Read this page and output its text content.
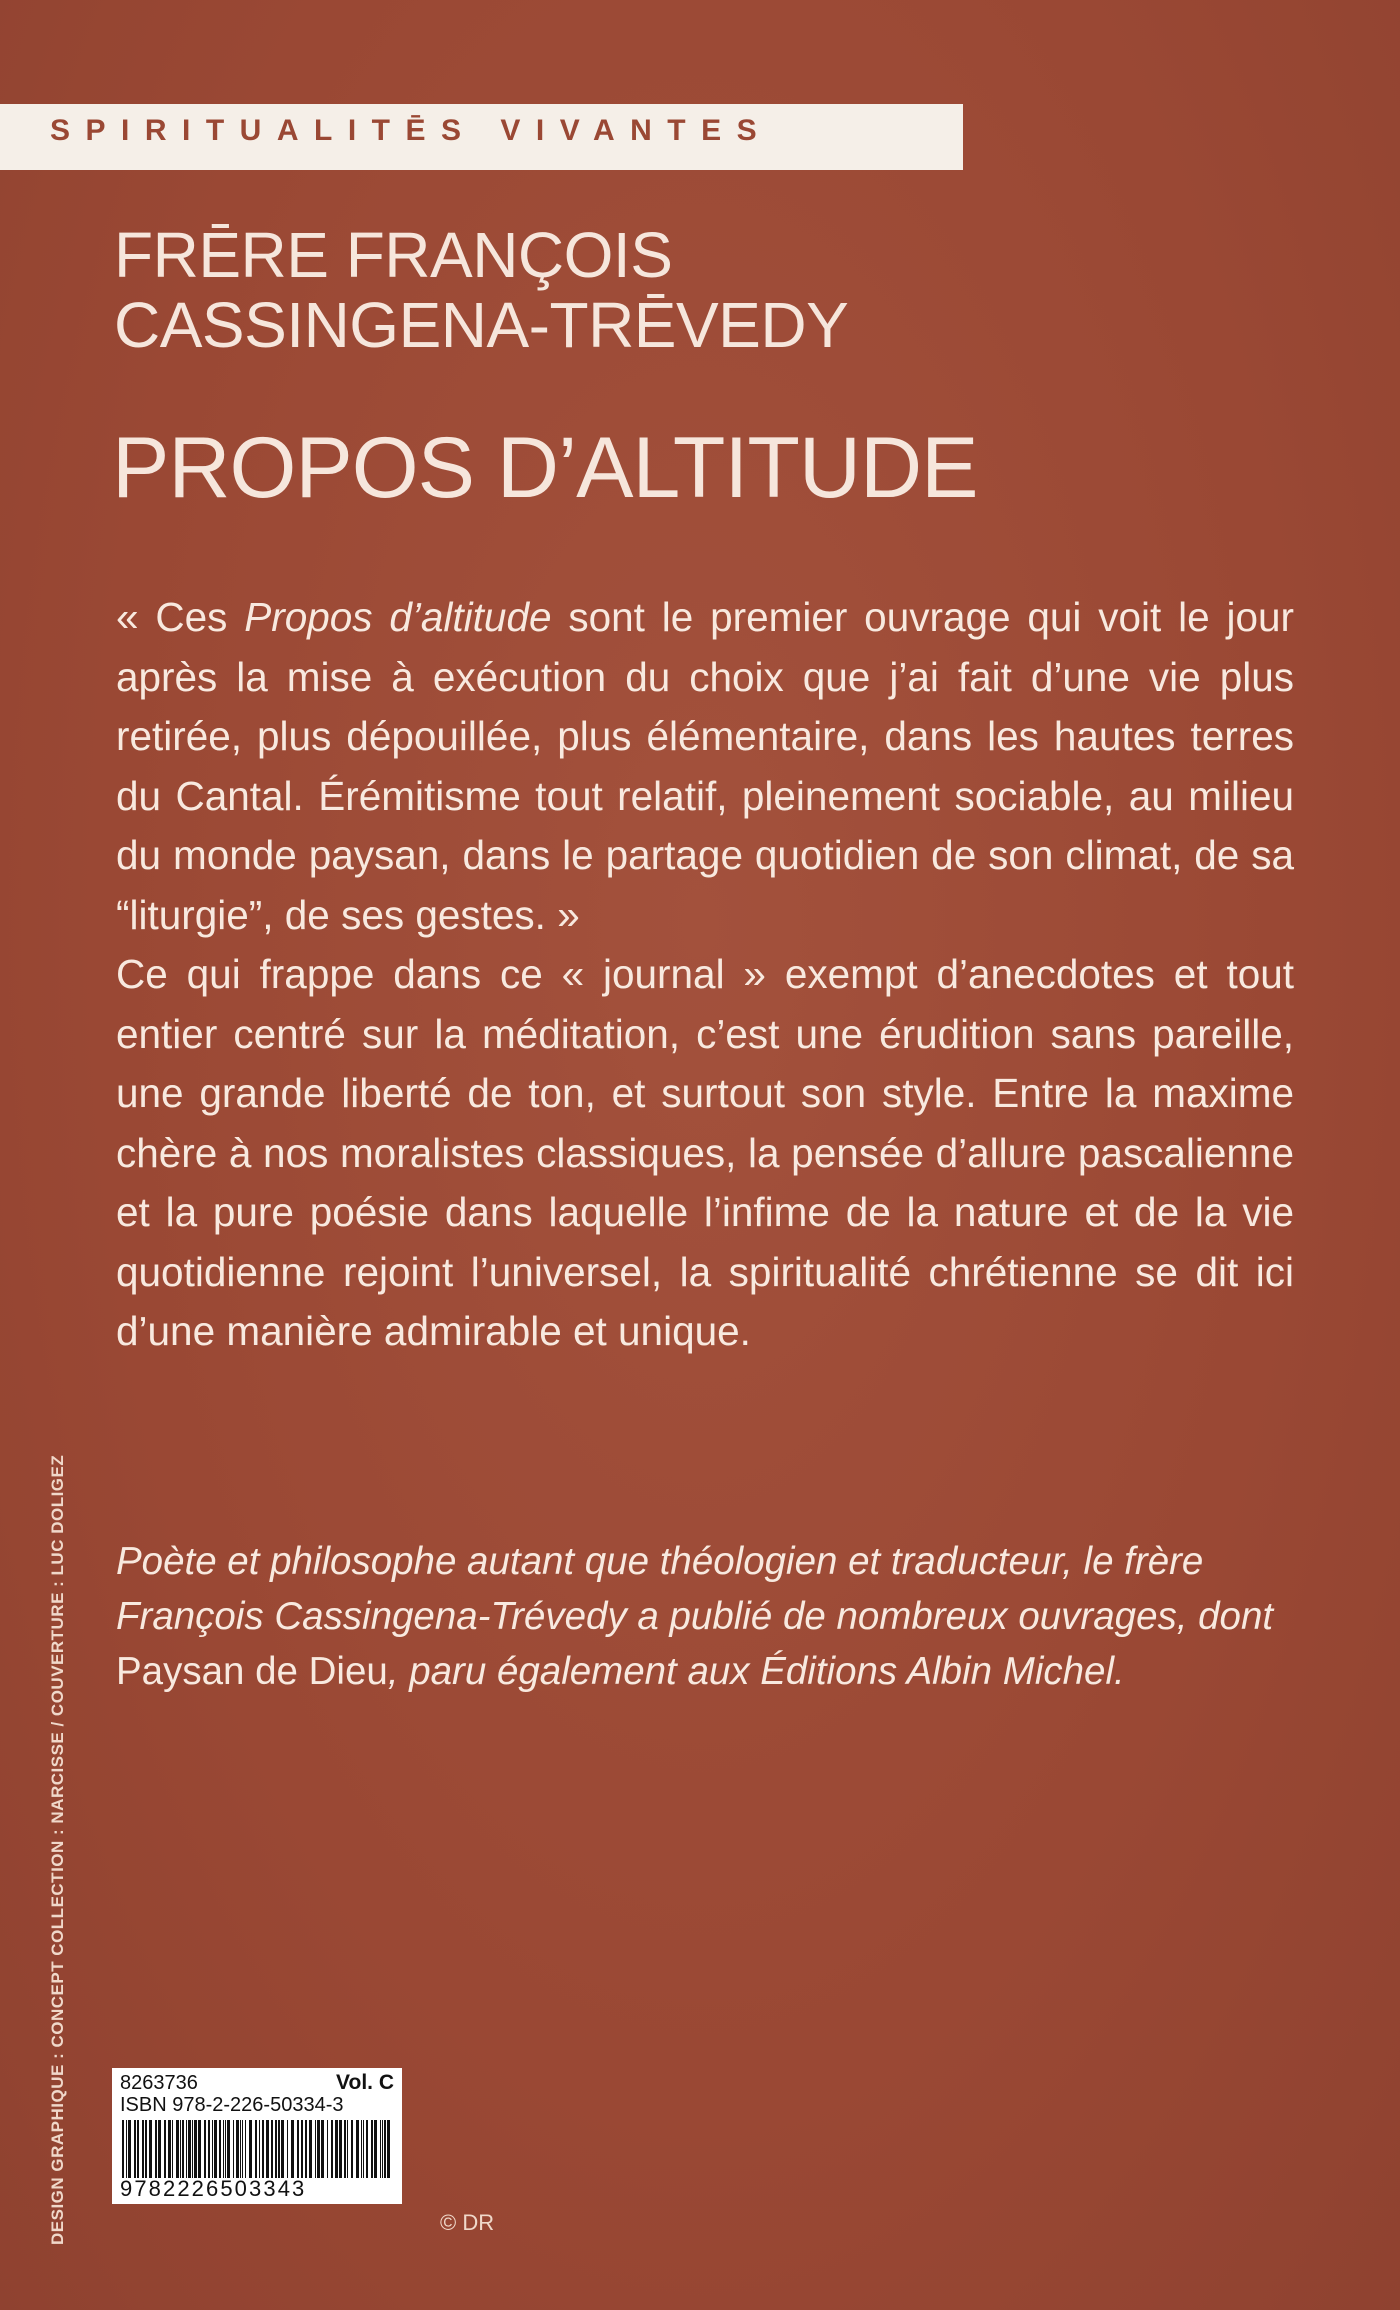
SPIRITUALITĒS VIVANTES
FRĒRE FRANÇOIS
CASSINGENA-TRĒVEDY
PROPOS D’ALTITUDE

« Ces Propos d’altitude sont le premier ouvrage qui voit le jour après la mise à exécution du choix que j’ai fait d’une vie plus retirée, plus dépouillée, plus élémentaire, dans les hautes terres du Cantal. Érémitisme tout relatif, pleinement sociable, au milieu du monde paysan, dans le partage quotidien de son climat, de sa “liturgie”, de ses gestes. »

Ce qui frappe dans ce « journal » exempt d’anecdotes et tout entier centré sur la méditation, c’est une érudition sans pareille, une grande liberté de ton, et surtout son style. Entre la maxime chère à nos moralistes classiques, la pensée d’allure pascalienne et la pure poésie dans laquelle l’infime de la nature et de la vie quotidienne rejoint l’universel, la spiritualité chrétienne se dit ici d’une manière admirable et unique.

Poète et philosophe autant que théologien et traducteur, le frère François Cassingena-Trévedy a publié de nombreux ouvrages, dont Paysan de Dieu, paru également aux Éditions Albin Michel.

DESIGN GRAPHIQUE : CONCEPT COLLECTION : NARCISSE / COUVERTURE : LUC DOLIGEZ	8263736	Vol. C
ISBN 978-2-226-50334-3
9782226503343
© DR
